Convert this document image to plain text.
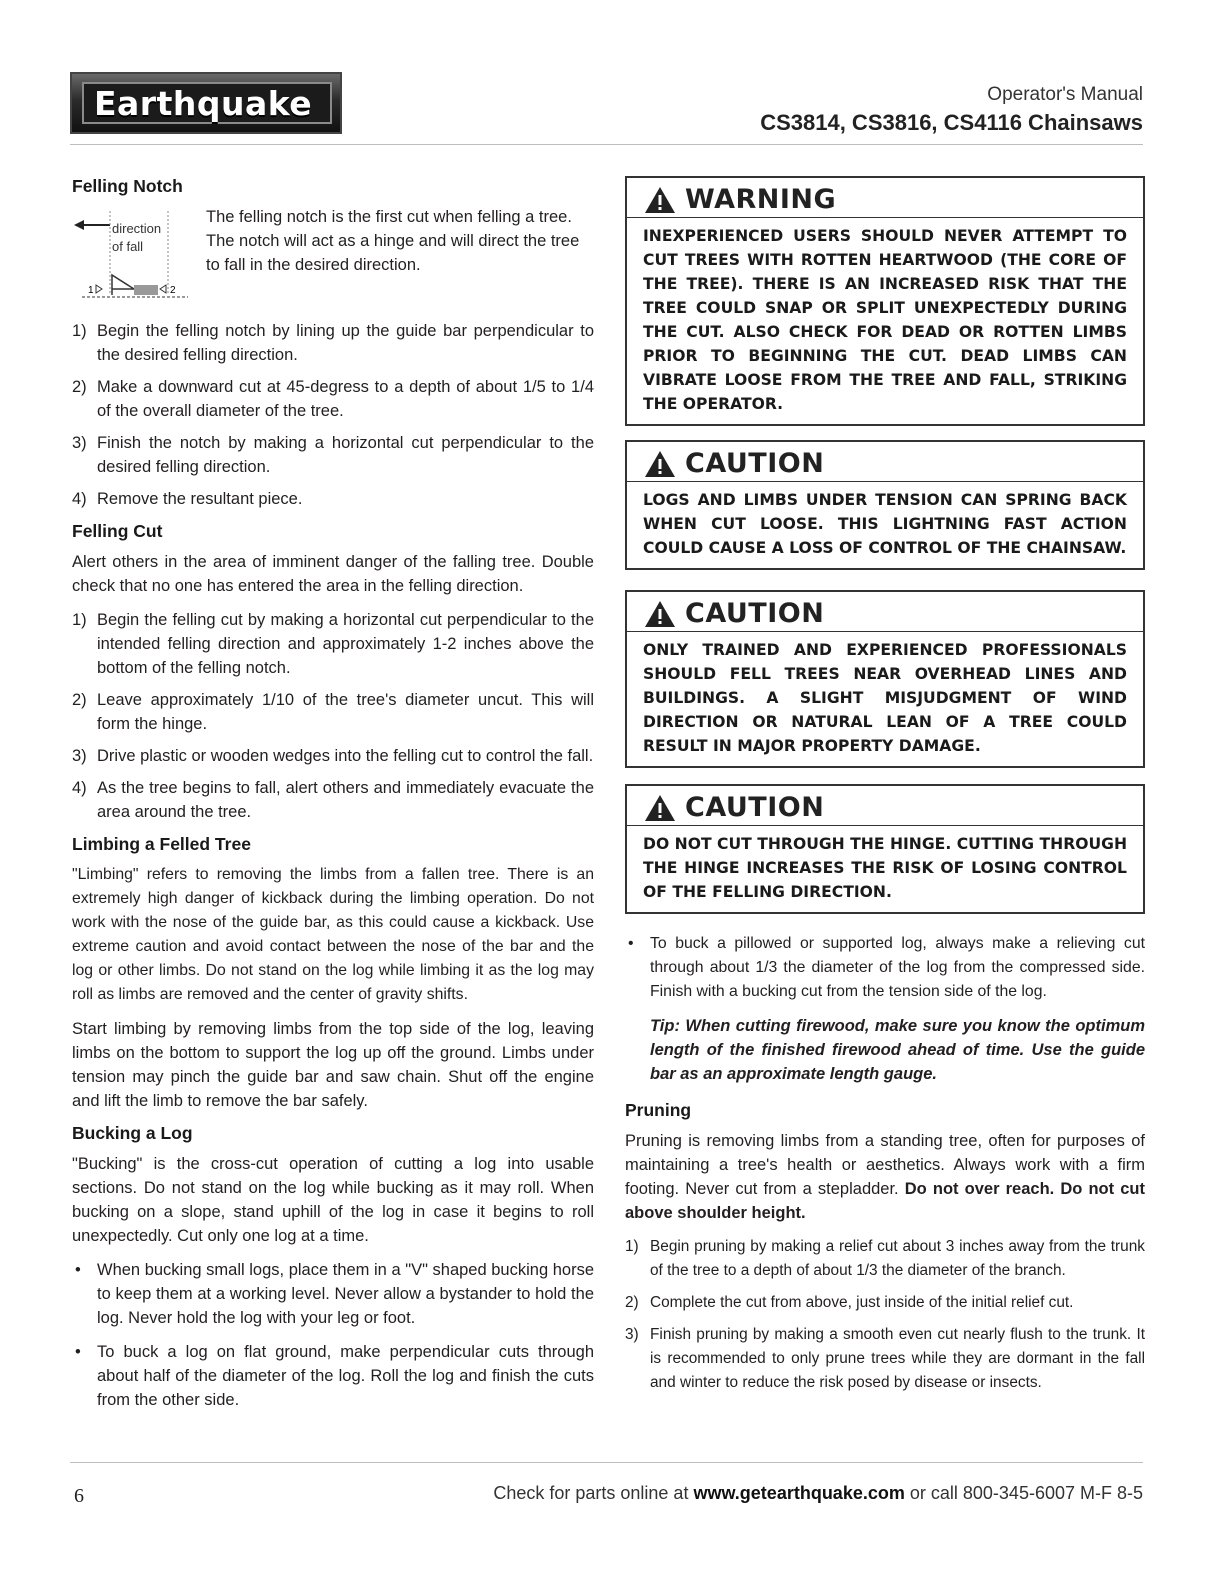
Earthquake	Operator's Manual
CS3814, CS3816, CS4116 Chainsaws
Felling Notch
direction
of fall
1	2

The felling notch is the first cut when felling a tree. The notch will act as a hinge and will direct the tree to fall in the desired direction.

1) Begin the felling notch by lining up the guide bar perpendicular to the desired felling direction.
2) Make a downward cut at 45-degress to a depth of about 1/5 to 1/4 of the overall diameter of the tree.
3) Finish the notch by making a horizontal cut perpendicular to the desired felling direction.
4) Remove the resultant piece.
Felling Cut

Alert others in the area of imminent danger of the falling tree. Double check that no one has entered the area in the felling direction.

1) Begin the felling cut by making a horizontal cut perpendicular to the intended felling direction and approximately 1-2 inches above the bottom of the felling notch.
2) Leave approximately 1/10 of the tree's diameter uncut. This will form the hinge.
3) Drive plastic or wooden wedges into the felling cut to control the fall.
4) As the tree begins to fall, alert others and immediately evacuate the area around the tree.
Limbing a Felled Tree

"Limbing" refers to removing the limbs from a fallen tree. There is an extremely high danger of kickback during the limbing operation. Do not work with the nose of the guide bar, as this could cause a kickback. Use extreme caution and avoid contact between the nose of the bar and the log or other limbs. Do not stand on the log while limbing it as the log may roll as limbs are removed and the center of gravity shifts.

Start limbing by removing limbs from the top side of the log, leaving limbs on the bottom to support the log up off the ground. Limbs under tension may pinch the guide bar and saw chain. Shut off the engine and lift the limb to remove the bar safely.

Bucking a Log

"Bucking" is the cross-cut operation of cutting a log into usable sections. Do not stand on the log while bucking as it may roll. When bucking on a slope, stand uphill of the log in case it begins to roll unexpectedly. Cut only one log at a time.

• When bucking small logs, place them in a "V" shaped bucking horse to keep them at a working level. Never allow a bystander to hold the log. Never hold the log with your leg or foot.
• To buck a log on flat ground, make perpendicular cuts through about half of the diameter of the log. Roll the log and finish the cuts from the other side.
WARNING
INEXPERIENCED USERS SHOULD NEVER ATTEMPT TO CUT TREES WITH ROTTEN HEARTWOOD (THE CORE OF THE TREE). THERE IS AN INCREASED RISK THAT THE TREE COULD SNAP OR SPLIT UNEXPECTEDLY DURING THE CUT. ALSO CHECK FOR DEAD OR ROTTEN LIMBS PRIOR TO BEGINNING THE CUT. DEAD LIMBS CAN VIBRATE LOOSE FROM THE TREE AND FALL, STRIKING THE OPERATOR.
CAUTION
LOGS AND LIMBS UNDER TENSION CAN SPRING BACK WHEN CUT LOOSE. THIS LIGHTNING FAST ACTION COULD CAUSE A LOSS OF CONTROL OF THE CHAINSAW.
CAUTION
ONLY TRAINED AND EXPERIENCED PROFESSIONALS SHOULD FELL TREES NEAR OVERHEAD LINES AND BUILDINGS. A SLIGHT MISJUDGMENT OF WIND DIRECTION OR NATURAL LEAN OF A TREE COULD RESULT IN MAJOR PROPERTY DAMAGE.
CAUTION
DO NOT CUT THROUGH THE HINGE. CUTTING THROUGH THE HINGE INCREASES THE RISK OF LOSING CONTROL OF THE FELLING DIRECTION.
• To buck a pillowed or supported log, always make a relieving cut through about 1/3 the diameter of the log from the compressed side. Finish with a bucking cut from the tension side of the log.

Tip: When cutting firewood, make sure you know the optimum length of the finished firewood ahead of time. Use the guide bar as an approximate length gauge.

Pruning

Pruning is removing limbs from a standing tree, often for purposes of maintaining a tree's health or aesthetics. Always work with a firm footing. Never cut from a stepladder. Do not over reach. Do not cut above shoulder height.

1) Begin pruning by making a relief cut about 3 inches away from the trunk of the tree to a depth of about 1/3 the diameter of the branch.
2) Complete the cut from above, just inside of the initial relief cut.
3) Finish pruning by making a smooth even cut nearly flush to the trunk. It is recommended to only prune trees while they are dormant in the fall and winter to reduce the risk posed by disease or insects.
6	Check for parts online at www.getearthquake.com or call 800-345-6007 M-F 8-5
